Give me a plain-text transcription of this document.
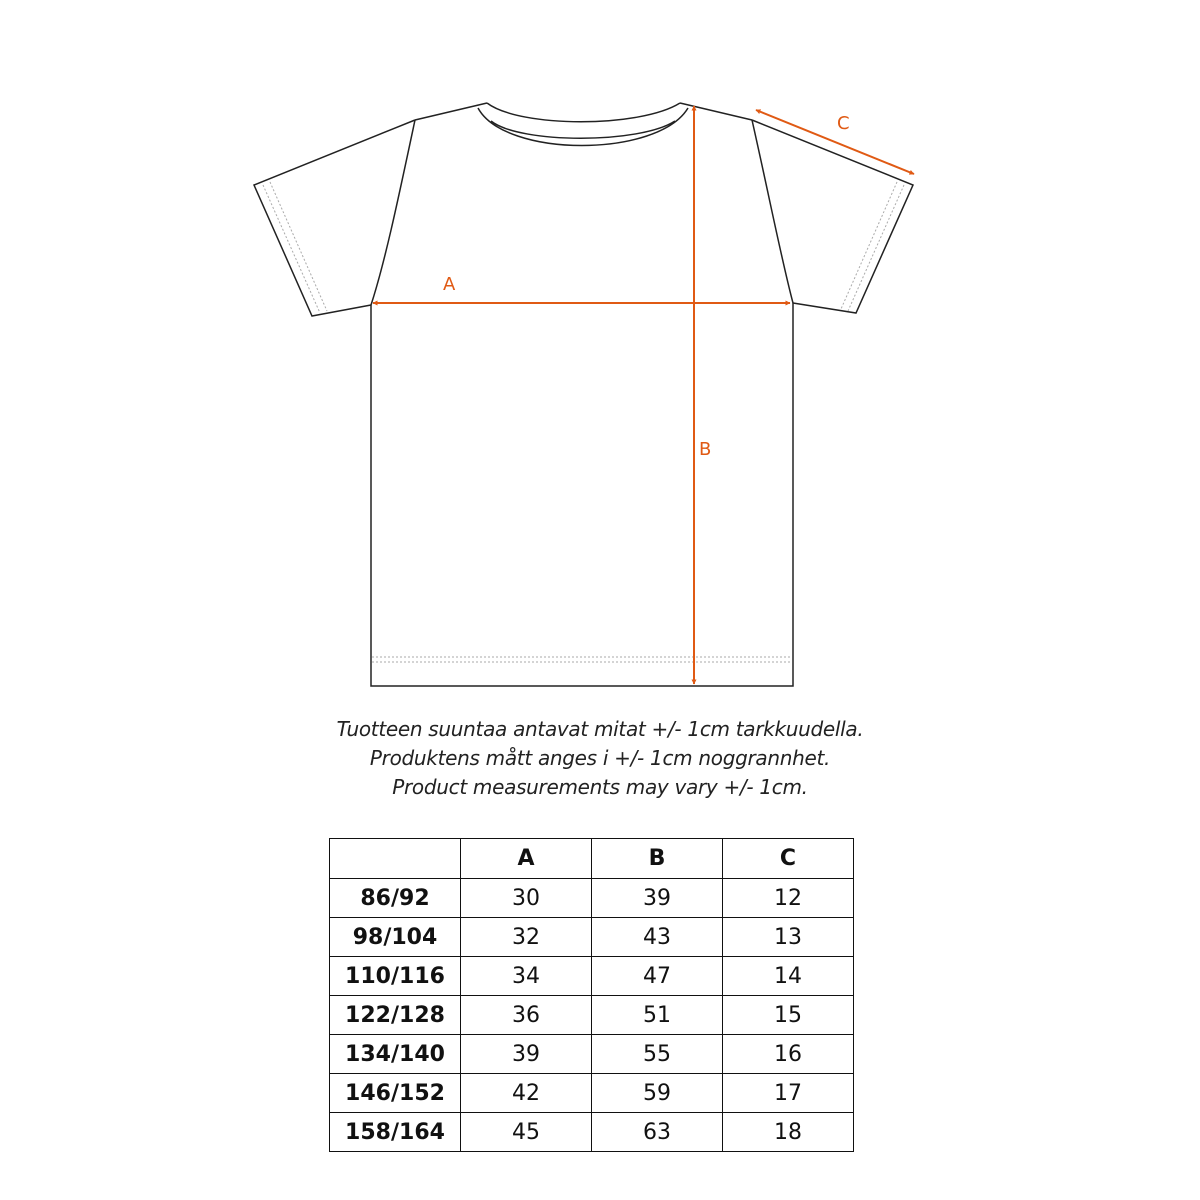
A
B
C
Tuotteen suuntaa antavat mitat +/- 1cm tarkkuudella.
Produktens mått anges i +/- 1cm noggrannhet.
Product measurements may vary +/- 1cm.
	A	B	C
86/92	30	39	12
98/104	32	43	13
110/116	34	47	14
122/128	36	51	15
134/140	39	55	16
146/152	42	59	17
158/164	45	63	18
